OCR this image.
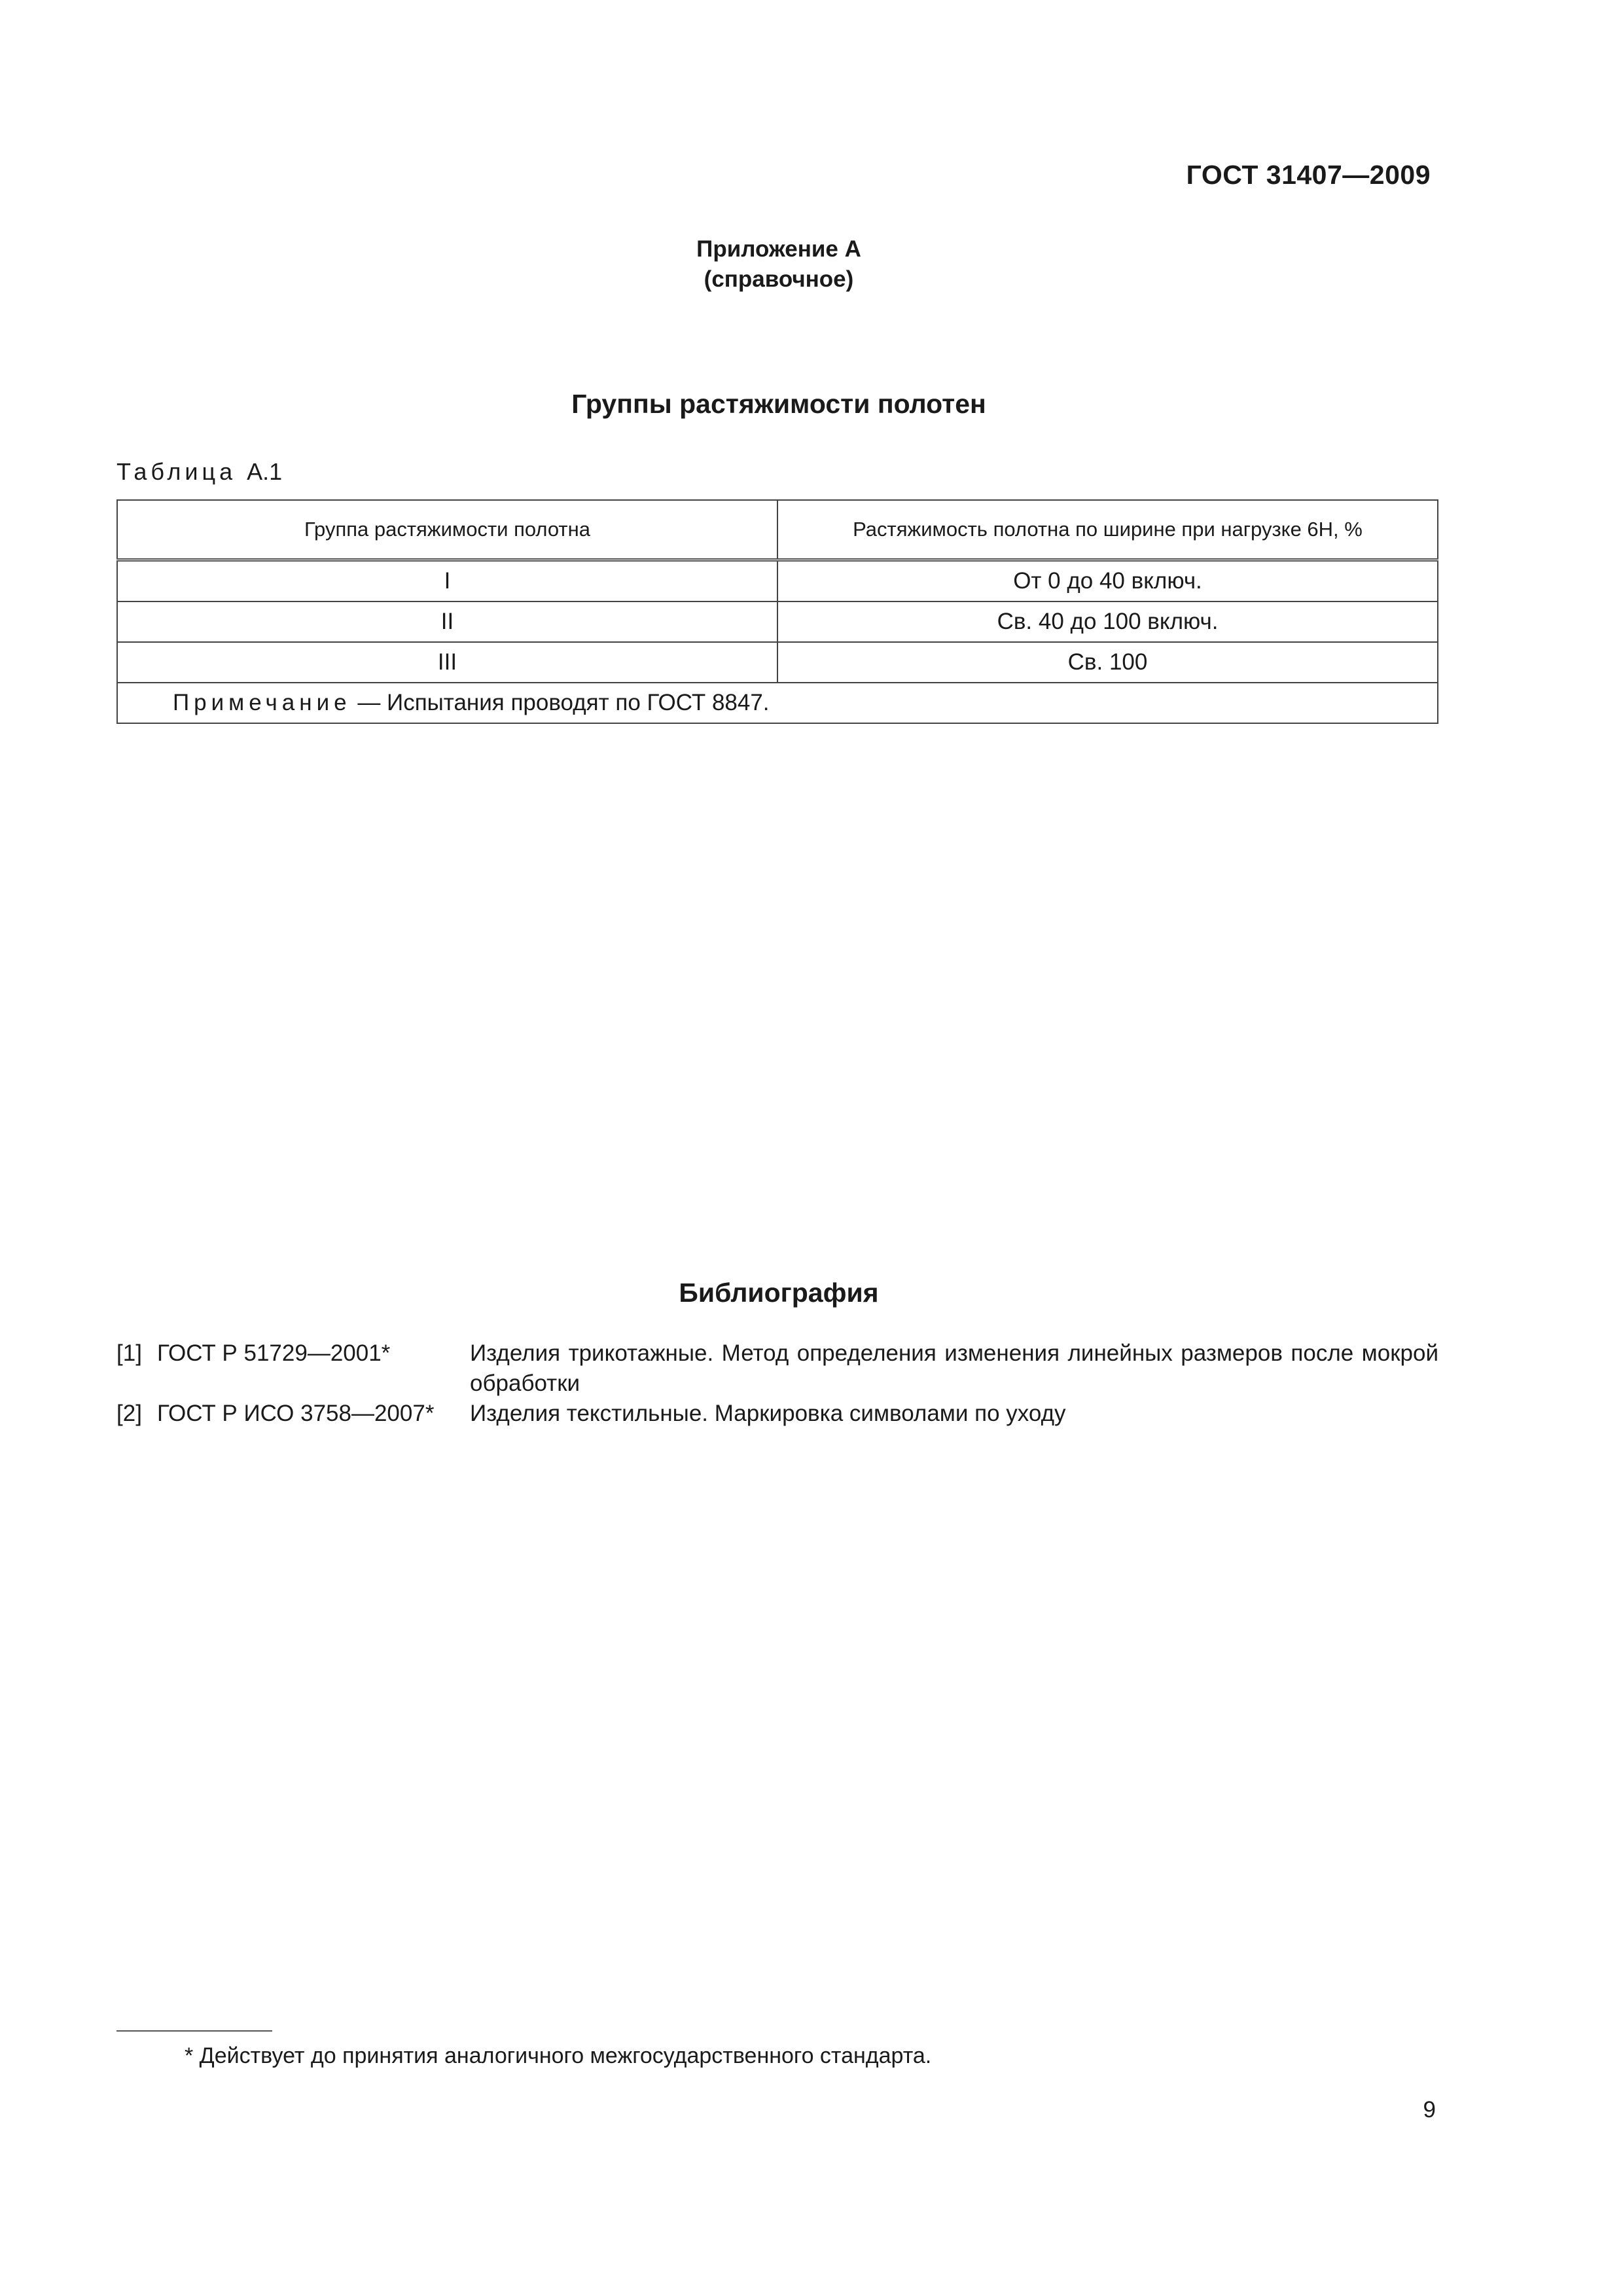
ГОСТ 31407—2009
Приложение А
(справочное)
Группы растяжимости полотен
Таблица А.1
Группа растяжимости полотна	Растяжимость полотна по ширине при нагрузке 6Н, %
I	От 0 до 40 включ.
II	Св. 40 до 100 включ.
III	Св. 100
Примечание — Испытания проводят по ГОСТ 8847.	
Библиография
[1] ГОСТ Р 51729—2001*	Изделия трикотажные. Метод определения изменения линейных размеров после мокрой обработки
[2] ГОСТ Р ИСО 3758—2007*	Изделия текстильные. Маркировка символами по уходу
* Действует до принятия аналогичного межгосударственного стандарта.
9
